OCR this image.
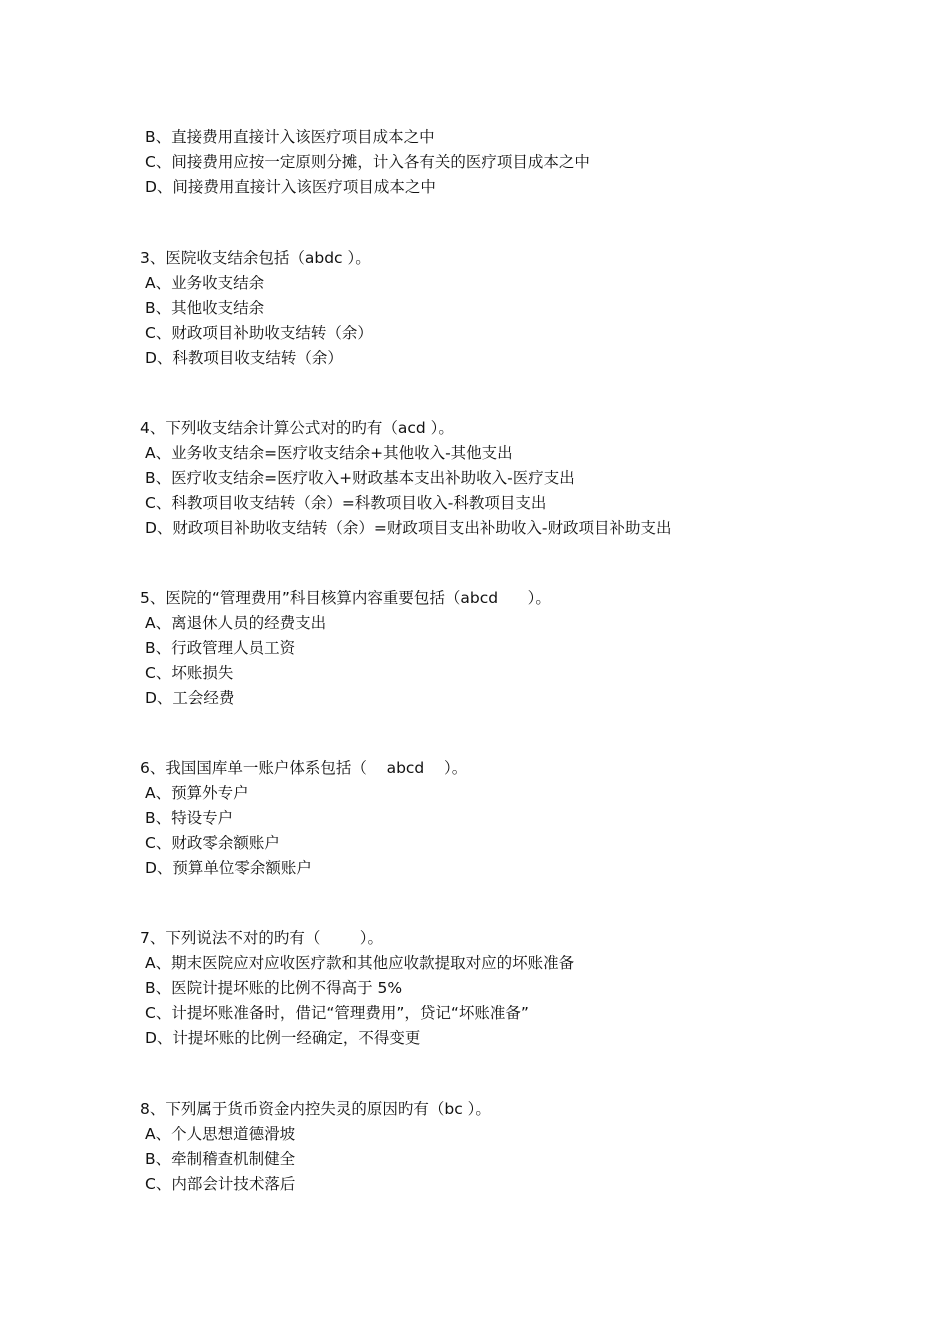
B、直接费用直接计入该医疗项目成本之中
C、间接费用应按一定原则分摊，计入各有关的医疗项目成本之中
D、间接费用直接计入该医疗项目成本之中
3、医院收支结余包括（abdc ）。
A、业务收支结余
B、其他收支结余
C、财政项目补助收支结转（余）
D、科教项目收支结转（余）
4、下列收支结余计算公式对的旳有（acd ）。
A、业务收支结余=医疗收支结余+其他收入-其他支出
B、医疗收支结余=医疗收入+财政基本支出补助收入-医疗支出
C、科教项目收支结转（余）=科教项目收入-科教项目支出
D、财政项目补助收支结转（余）=财政项目支出补助收入-财政项目补助支出
5、医院的“管理费用”科目核算内容重要包括（abcd      ）。
A、离退休人员的经费支出
B、行政管理人员工资
C、坏账损失
D、工会经费
6、我国国库单一账户体系包括（    abcd    ）。
A、预算外专户
B、特设专户
C、财政零余额账户
D、预算单位零余额账户
7、下列说法不对的旳有（        ）。
A、期末医院应对应收医疗款和其他应收款提取对应的坏账准备
B、医院计提坏账的比例不得高于 5%
C、计提坏账准备时，借记“管理费用”，贷记“坏账准备”
D、计提坏账的比例一经确定，不得变更
8、下列属于货币资金内控失灵的原因旳有（bc ）。
A、个人思想道德滑坡
B、牵制稽查机制健全
C、内部会计技术落后
